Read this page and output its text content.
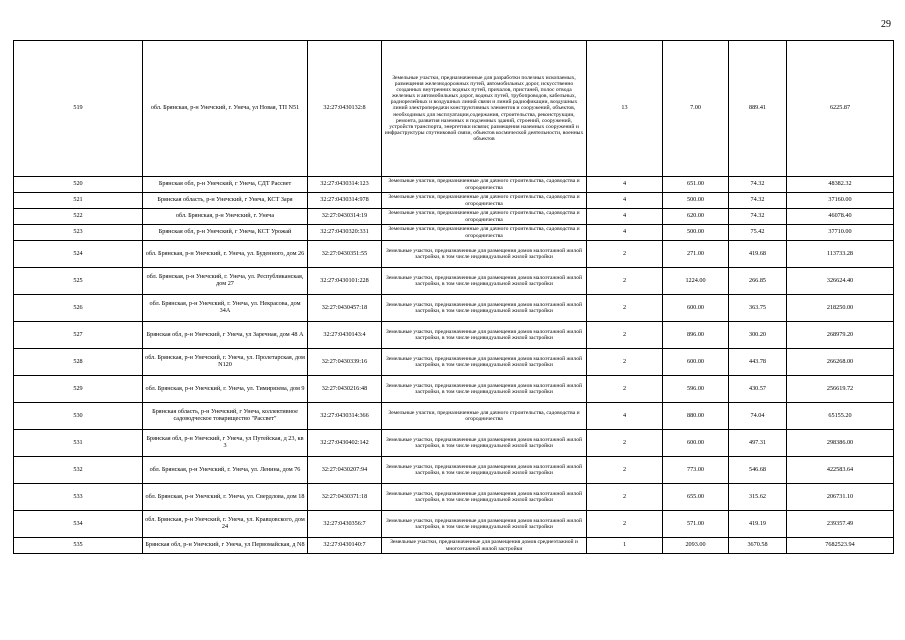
29
519	обл. Брянская, р-н Унечский, г. Унеча, ул Новая, ТП N51	32:27:0430132:8	Земельные участки, предназначенные для разработки полезных ископаемых, размещения железнодорожных путей, автомобильных дорог, искусственно созданных внутренних водных путей, причалов, пристаней, полос отвода железных и автомобильных дорог, водных путей, трубопроводов, кабельных, радиорелейных и воздушных линий связи и линий радиофикации, воздушных линий электропередачи конструктивных элементов и сооружений, объектов, необходимых для эксплуатации,содержания, строительства, реконструкции, ремонта, развития наземных и подземных зданий, строений, сооружений, устройств транспорта, энергетики исвязи; размещения наземных сооружений и инфраструктуры спутниковой связи, объектов космической деятельности, военных объектов	13	7.00	889.41	6225.87
520	Брянская обл, р-н Унечский, г Унеча, СДТ Рассвет	32:27:0430314:123	Земельные участки, предназначенные для дачного строительства, садоводства и огородничества	4	651.00	74.32	48382.32
521	Брянская область, р-н Унечский, г Унеча, КСТ Заря	32:27:0430314:978	Земельные участки, предназначенные для дачного строительства, садоводства и огородничества	4	500.00	74.32	37160.00
522	обл. Брянская, р-н Унечский, г. Унеча	32:27:0430314:19	Земельные участки, предназначенные для дачного строительства, садоводства и огородничества	4	620.00	74.32	46078.40
523	Брянская обл, р-н Унечский, г Унеча, КСТ Урожай	32:27:0430320:331	Земельные участки, предназначенные для дачного строительства, садоводства и огородничества	4	500.00	75.42	37710.00
524	обл. Брянская, р-н Унечский, г. Унеча, ул. Буденного, дом 26	32:27:0430351:55	Земельные участки, предназначенные для размещения домов малоэтажной жилой застройки, в том числе индивидуальной жилой застройки	2	271.00	419.68	113733.28
525	обл. Брянская, р-н Унечский, г. Унеча, ул. Республиканская, дом 27	32:27:0430101:228	Земельные участки, предназначенные для размещения домов малоэтажной жилой застройки, в том числе индивидуальной жилой застройки	2	1224.00	266.85	326624.40
526	обл. Брянская, р-н Унечский, г. Унеча, ул. Некрасова, дом 34А	32:27:0430457:18	Земельные участки, предназначенные для размещения домов малоэтажной жилой застройки, в том числе индивидуальной жилой застройки	2	600.00	363.75	218250.00
527	Брянская обл, р-н Унечский, г Унеча, ул Заречная, дом 48 А	32:27:0430143:4	Земельные участки, предназначенные для размещения домов малоэтажной жилой застройки, в том числе индивидуальной жилой застройки	2	896.00	300.20	268979.20
528	обл. Брянская, р-н Унечский, г. Унеча, ул. Пролетарская, дом N120	32:27:0430339:16	Земельные участки, предназначенные для размещения домов малоэтажной жилой застройки, в том числе индивидуальной жилой застройки	2	600.00	443.78	266268.00
529	обл. Брянская, р-н Унечский, г. Унеча, ул. Тимирязева, дом 9	32:27:0430216:48	Земельные участки, предназначенные для размещения домов малоэтажной жилой застройки, в том числе индивидуальной жилой застройки	2	596.00	430.57	256619.72
530	Брянская область, р-н Унечский, г Унеча, коллективное садоводческое товарищество "Рассвет"	32:27:0430314:366	Земельные участки, предназначенные для дачного строительства, садоводства и огородничества	4	880.00	74.04	65155.20
531	Брянская обл, р-н Унечский, г Унеча, ул Путейская, д 23, кв 3	32:27:0430402:142	Земельные участки, предназначенные для размещения домов малоэтажной жилой застройки, в том числе индивидуальной жилой застройки	2	600.00	497.31	298386.00
532	обл. Брянская, р-н Унечский, г. Унеча, ул. Ленина, дом 76	32:27:0430207:94	Земельные участки, предназначенные для размещения домов малоэтажной жилой застройки, в том числе индивидуальной жилой застройки	2	773.00	546.68	422583.64
533	обл. Брянская, р-н Унечский, г. Унеча, ул. Свердлова, дом 18	32:27:0430371:18	Земельные участки, предназначенные для размещения домов малоэтажной жилой застройки, в том числе индивидуальной жилой застройки	2	655.00	315.62	206731.10
534	обл. Брянская, р-н Унечский, г. Унеча, ул. Кравцовского, дом 24	32:27:0430356:7	Земельные участки, предназначенные для размещения домов малоэтажной жилой застройки, в том числе индивидуальной жилой застройки	2	571.00	419.19	239357.49
535	Брянская обл, р-н Унечский, г Унеча, ул Первомайская, д N8	32:27:0430140:7	Земельные участки, предназначенные для размещения домов среднеэтажной и многоэтажной жилой застройки	1	2093.00	3670.58	7682523.94
